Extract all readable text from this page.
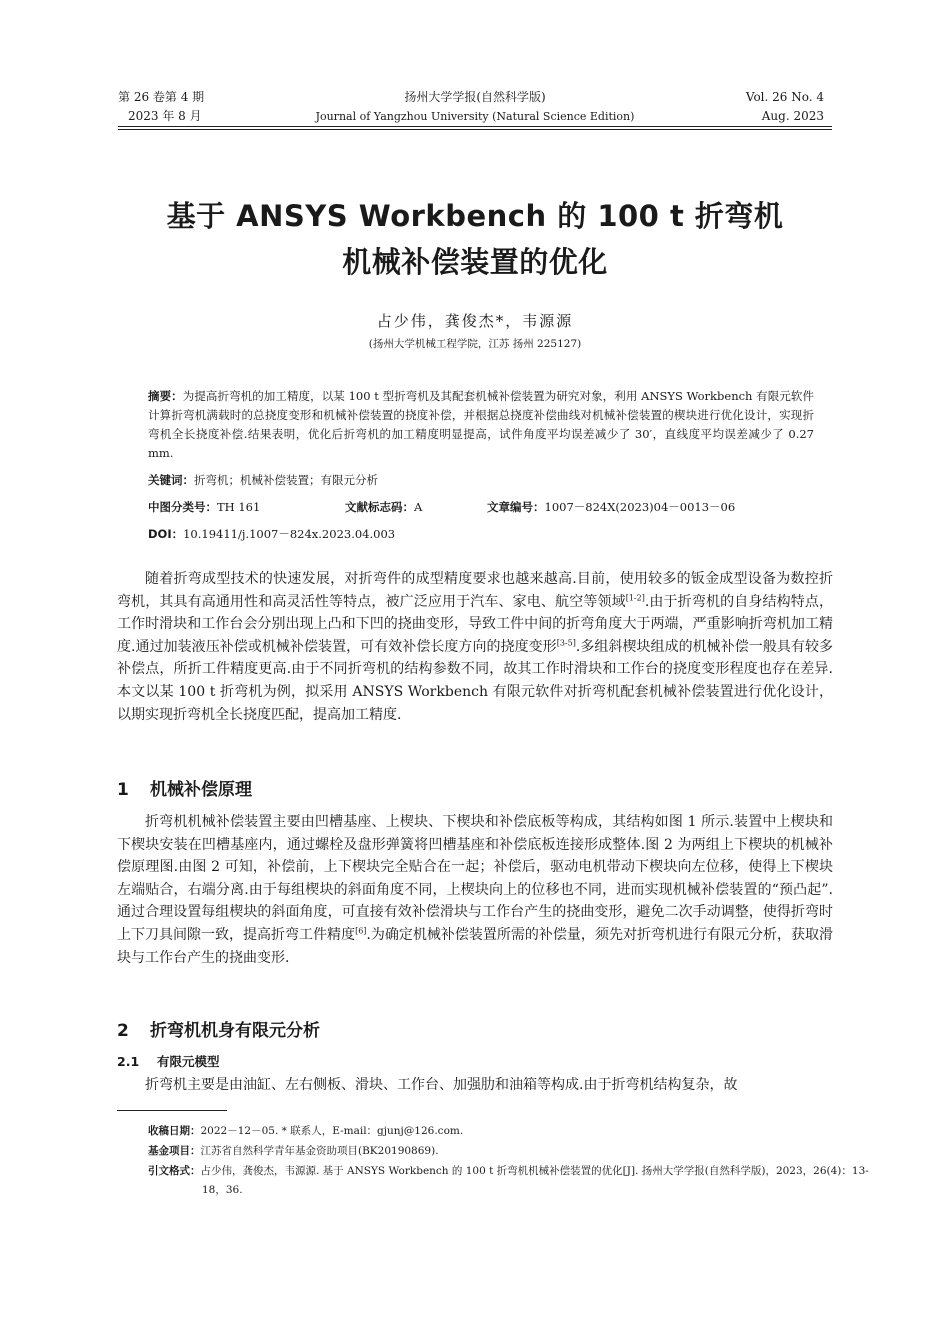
第 26 卷第 4 期
2023 年 8 月
扬州大学学报(自然科学版)
Journal of Yangzhou University (Natural Science Edition)
Vol. 26 No. 4
Aug. 2023
基于 ANSYS Workbench 的 100 t 折弯机
机械补偿装置的优化
占少伟，龚俊杰*，韦源源
(扬州大学机械工程学院，江苏 扬州 225127)
摘要：为提高折弯机的加工精度，以某 100 t 型折弯机及其配套机械补偿装置为研究对象，利用 ANSYS Workbench 有限元软件计算折弯机满载时的总挠度变形和机械补偿装置的挠度补偿，并根据总挠度补偿曲线对机械补偿装置的楔块进行优化设计，实现折弯机全长挠度补偿.结果表明，优化后折弯机的加工精度明显提高，试件角度平均误差减少了 30′，直线度平均误差减少了 0.27 mm.
关键词：折弯机；机械补偿装置；有限元分析
中图分类号：TH 161	文献标志码：A	文章编号：1007－824X(2023)04－0013－06
DOI：10.19411/j.1007－824x.2023.04.003
随着折弯成型技术的快速发展，对折弯件的成型精度要求也越来越高.目前，使用较多的钣金成型设备为数控折弯机，其具有高通用性和高灵活性等特点，被广泛应用于汽车、家电、航空等领域[1-2].由于折弯机的自身结构特点，工作时滑块和工作台会分别出现上凸和下凹的挠曲变形，导致工件中间的折弯角度大于两端，严重影响折弯机加工精度.通过加装液压补偿或机械补偿装置，可有效补偿长度方向的挠度变形[3-5].多组斜楔块组成的机械补偿一般具有较多补偿点，所折工件精度更高.由于不同折弯机的结构参数不同，故其工作时滑块和工作台的挠度变形程度也存在差异.本文以某 100 t 折弯机为例，拟采用 ANSYS Workbench 有限元软件对折弯机配套机械补偿装置进行优化设计，以期实现折弯机全长挠度匹配，提高加工精度.
1 机械补偿原理
折弯机机械补偿装置主要由凹槽基座、上楔块、下楔块和补偿底板等构成，其结构如图 1 所示.装置中上楔块和下楔块安装在凹槽基座内，通过螺栓及盘形弹簧将凹槽基座和补偿底板连接形成整体.图 2 为两组上下楔块的机械补偿原理图.由图 2 可知，补偿前，上下楔块完全贴合在一起；补偿后，驱动电机带动下楔块向左位移，使得上下楔块左端贴合，右端分离.由于每组楔块的斜面角度不同，上楔块向上的位移也不同，进而实现机械补偿装置的“预凸起”.通过合理设置每组楔块的斜面角度，可直接有效补偿滑块与工作台产生的挠曲变形，避免二次手动调整，使得折弯时上下刀具间隙一致，提高折弯工件精度[6].为确定机械补偿装置所需的补偿量，须先对折弯机进行有限元分析，获取滑块与工作台产生的挠曲变形.
2 折弯机机身有限元分析
2.1 有限元模型
折弯机主要是由油缸、左右侧板、滑块、工作台、加强肋和油箱等构成.由于折弯机结构复杂，故
收稿日期：2022－12－05. * 联系人，E-mail：gjunj@126.com.
基金项目：江苏省自然科学青年基金资助项目(BK20190869).
引文格式：占少伟，龚俊杰，韦源源. 基于 ANSYS Workbench 的 100 t 折弯机机械补偿装置的优化[J]. 扬州大学学报(自然科学版)，2023，26(4)：13-18，36.
